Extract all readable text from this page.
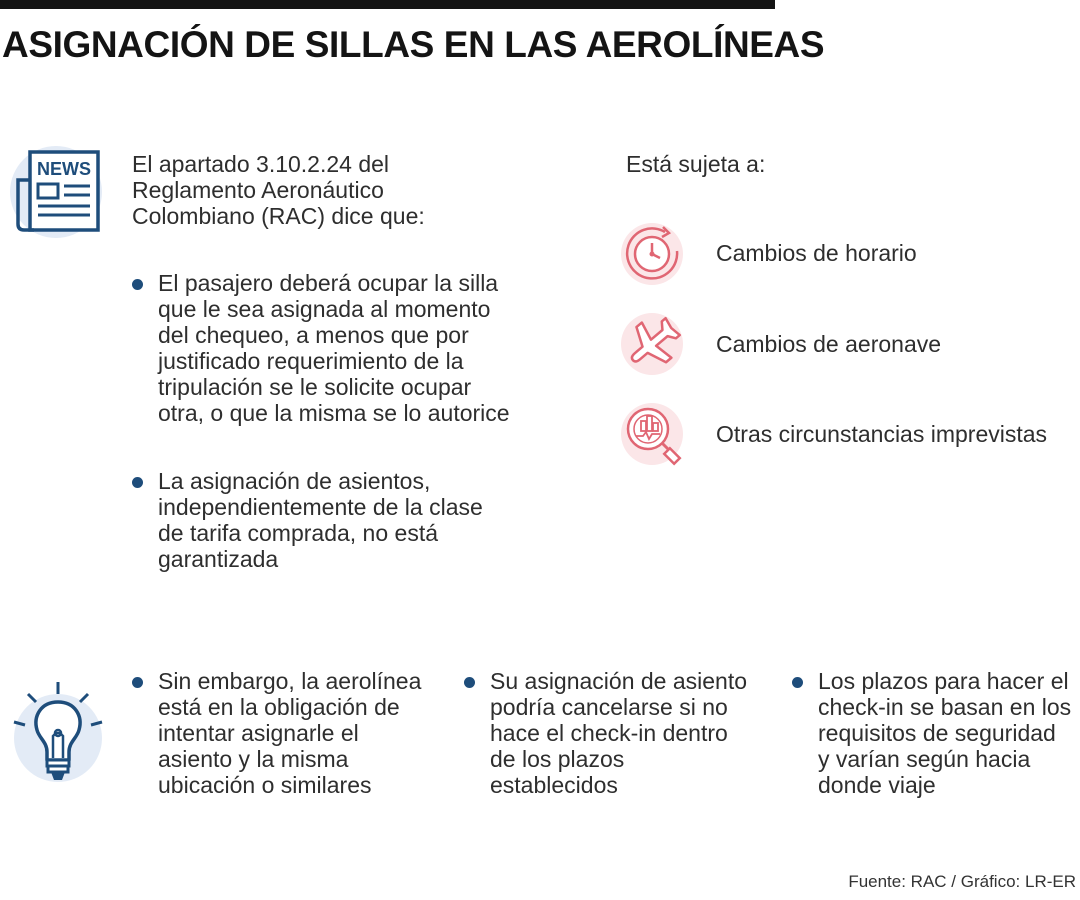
ASIGNACIÓN DE SILLAS EN LAS AEROLÍNEAS
NEWS El apartado 3.10.2.24 del
Reglamento Aeronáutico
Colombiano (RAC) dice que:
El pasajero deberá ocupar la silla
que le sea asignada al momento
del chequeo, a menos que por
justificado requerimiento de la
tripulación se le solicite ocupar
otra, o que la misma se lo autorice
La asignación de asientos,
independientemente de la clase
de tarifa comprada, no está
garantizada
Está sujeta a:
Cambios de horario
Cambios de aeronave
Otras circunstancias imprevistas
Sin embargo, la aerolínea
está en la obligación de
intentar asignarle el
asiento y la misma
ubicación o similares
Su asignación de asiento
podría cancelarse si no
hace el check-in dentro
de los plazos
establecidos
Los plazos para hacer el
check-in se basan en los
requisitos de seguridad
y varían según hacia
donde viaje
Fuente: RAC / Gráfico: LR-ER
